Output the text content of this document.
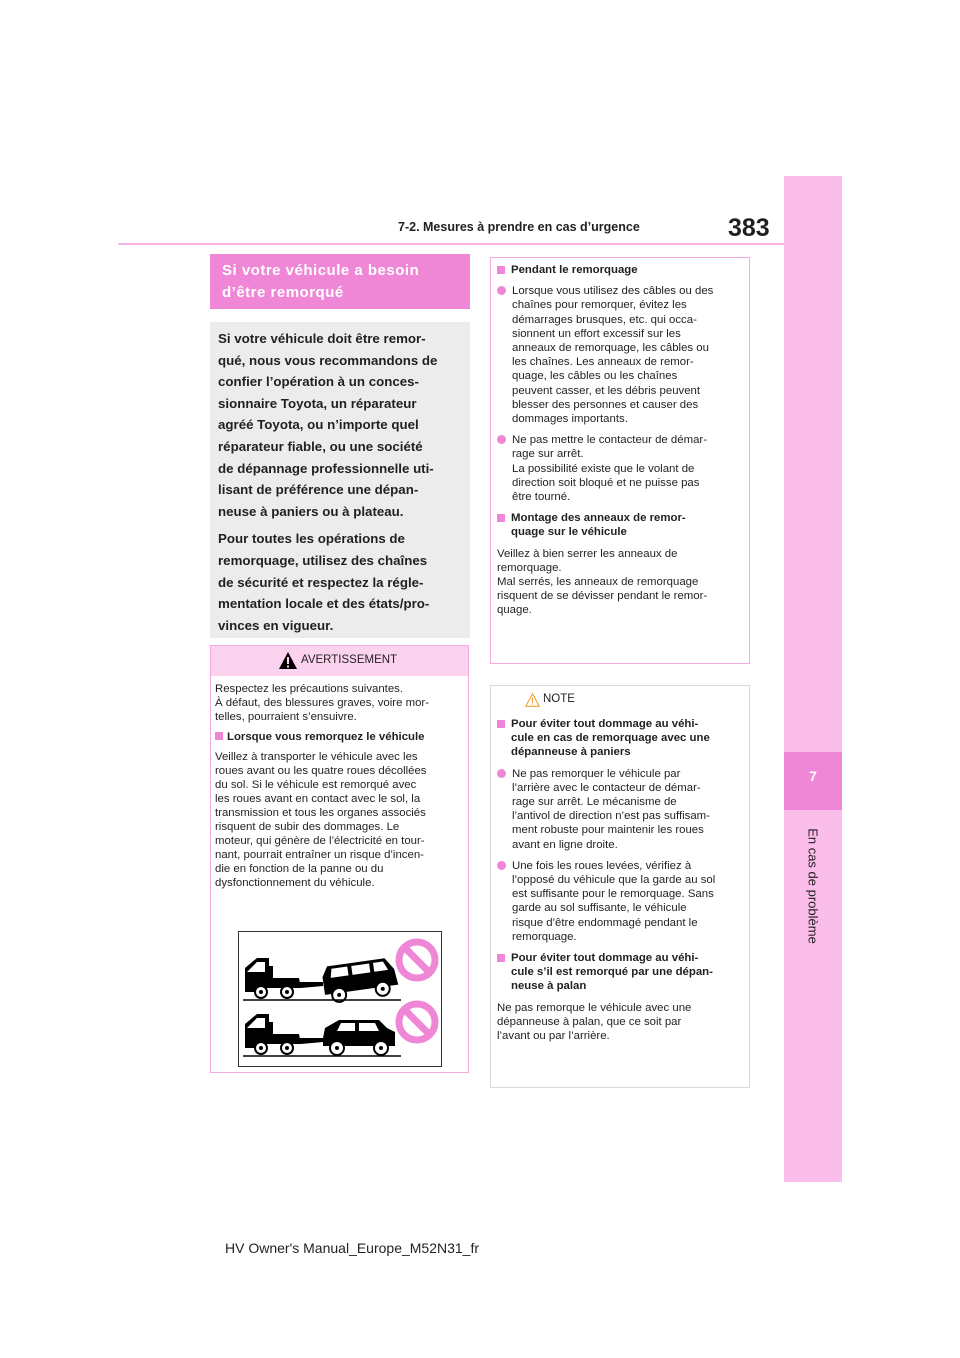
7-2. Mesures à prendre en cas d’urgence	383
7
En cas de problème
Si votre véhicule a besoin
d’être remorqué

Si votre véhicule doit être remor-
qué, nous vous recommandons de
confier l’opération à un conces-
sionnaire Toyota, un réparateur
agréé Toyota, ou n’importe quel
réparateur fiable, ou une société
de dépannage professionnelle uti-
lisant de préférence une dépan-
neuse à paniers ou à plateau.

Pour toutes les opérations de
remorquage, utilisez des chaînes
de sécurité et respectez la régle-
mentation locale et des états/pro-
vinces en vigueur.

AVERTISSEMENT

Respectez les précautions suivantes.
À défaut, des blessures graves, voire mor-
telles, pourraient s’ensuivre.

Lorsque vous remorquez le véhicule

Veillez à transporter le véhicule avec les
roues avant ou les quatre roues décollées
du sol. Si le véhicule est remorqué avec
les roues avant en contact avec le sol, la
transmission et tous les organes associés
risquent de subir des dommages. Le
moteur, qui génère de l’électricité en tour-
nant, pourrait entraîner un risque d’incen-
die en fonction de la panne ou du
dysfonctionnement du véhicule.

Pendant le remorquage

Lorsque vous utilisez des câbles ou des
chaînes pour remorquer, évitez les
démarrages brusques, etc. qui occa-
sionnent un effort excessif sur les
anneaux de remorquage, les câbles ou
les chaînes. Les anneaux de remor-
quage, les câbles ou les chaînes
peuvent casser, et les débris peuvent
blesser des personnes et causer des
dommages importants.

Ne pas mettre le contacteur de démar-
rage sur arrêt.
La possibilité existe que le volant de
direction soit bloqué et ne puisse pas
être tourné.

Montage des anneaux de remor-
quage sur le véhicule

Veillez à bien serrer les anneaux de
remorquage.
Mal serrés, les anneaux de remorquage
risquent de se dévisser pendant le remor-
quage.

NOTE

Pour éviter tout dommage au véhi-
cule en cas de remorquage avec une
dépanneuse à paniers

Ne pas remorquer le véhicule par
l’arrière avec le contacteur de démar-
rage sur arrêt. Le mécanisme de
l’antivol de direction n’est pas suffisam-
ment robuste pour maintenir les roues
avant en ligne droite.

Une fois les roues levées, vérifiez à
l’opposé du véhicule que la garde au sol
est suffisante pour le remorquage. Sans
garde au sol suffisante, le véhicule
risque d’être endommagé pendant le
remorquage.

Pour éviter tout dommage au véhi-
cule s’il est remorqué par une dépan-
neuse à palan

Ne pas remorque le véhicule avec une
dépanneuse à palan, que ce soit par
l’avant ou par l’arrière.

HV Owner's Manual_Europe_M52N31_fr
